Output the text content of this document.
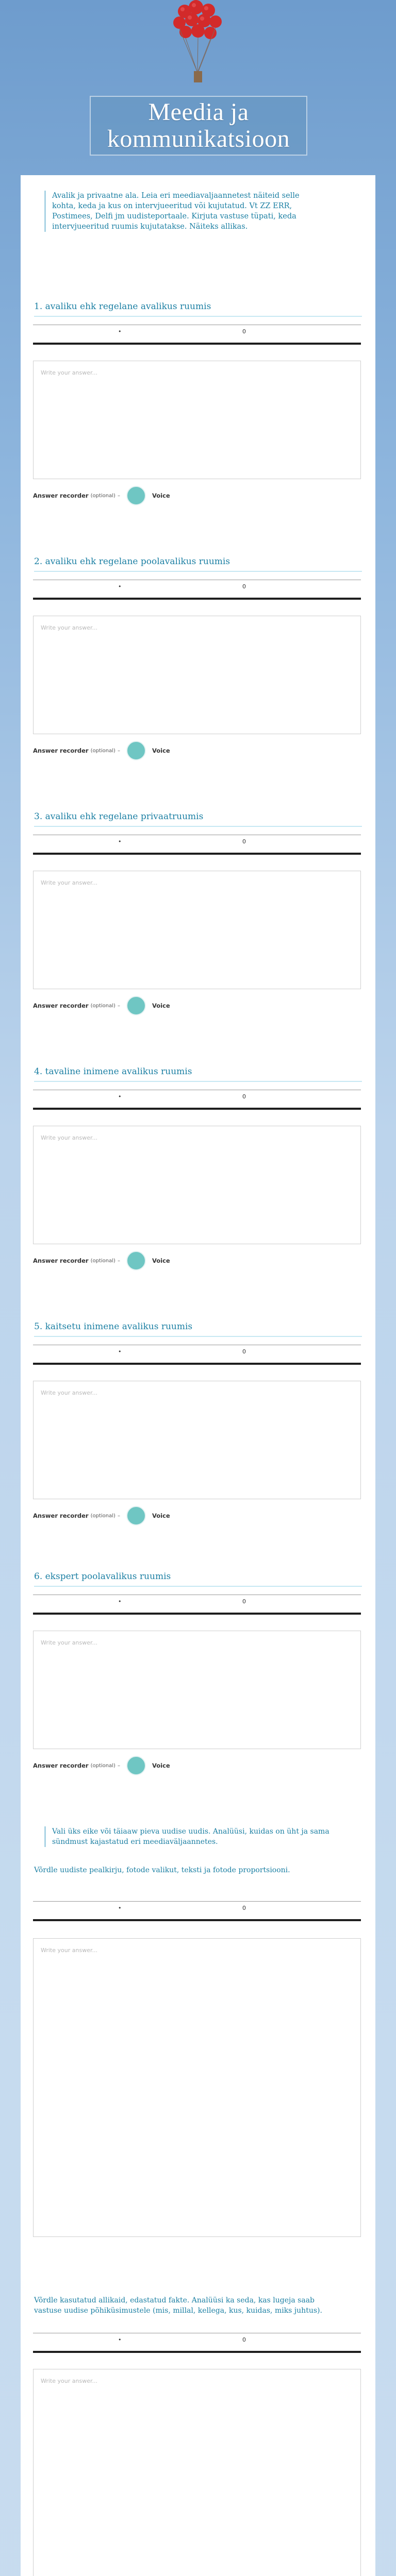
Meedia ja kommunikatsioon
Avalik ja privaatne ala. Leia eri meediavaljaannetest näiteid selle kohta, keda ja kus on intervjueeritud või kujutatud. Vt ZZ ERR, Postimees, Delfi jm uudisteportaale. Kirjuta vastuse tüpati, keda intervjueeritud ruumis kujutatakse. Näiteks allikas.
1. avaliku ehk regelane avalikus ruumis
•	0
Write your answer...
Answer recorder (optional) –	Voice
2. avaliku ehk regelane poolavalikus ruumis
•	0
Write your answer...
Answer recorder (optional) –	Voice
3. avaliku ehk regelane privaatruumis
•	0
Write your answer...
Answer recorder (optional) –	Voice
4. tavaline inimene avalikus ruumis
•	0
Write your answer...
Answer recorder (optional) –	Voice
5. kaitsetu inimene avalikus ruumis
•	0
Write your answer...
Answer recorder (optional) –	Voice
6. ekspert poolavalikus ruumis
•	0
Write your answer...
Answer recorder (optional) –	Voice
Vali üks eike või täiaaw pieva uudise uudis. Analüüsi, kuidas on üht ja sama sündmust kajastatud eri meediaväljaannetes.
Võrdle uudiste pealkirju, fotode valikut, teksti ja fotode proportsiooni.
•	0
Write your answer...
Võrdle kasutatud allikaid, edastatud fakte. Analüüsi ka seda, kas lugeja saab vastuse uudise põhiküsimustele (mis, millal, kellega, kus, kuidas, miks juhtus).
•	0
Write your answer...
